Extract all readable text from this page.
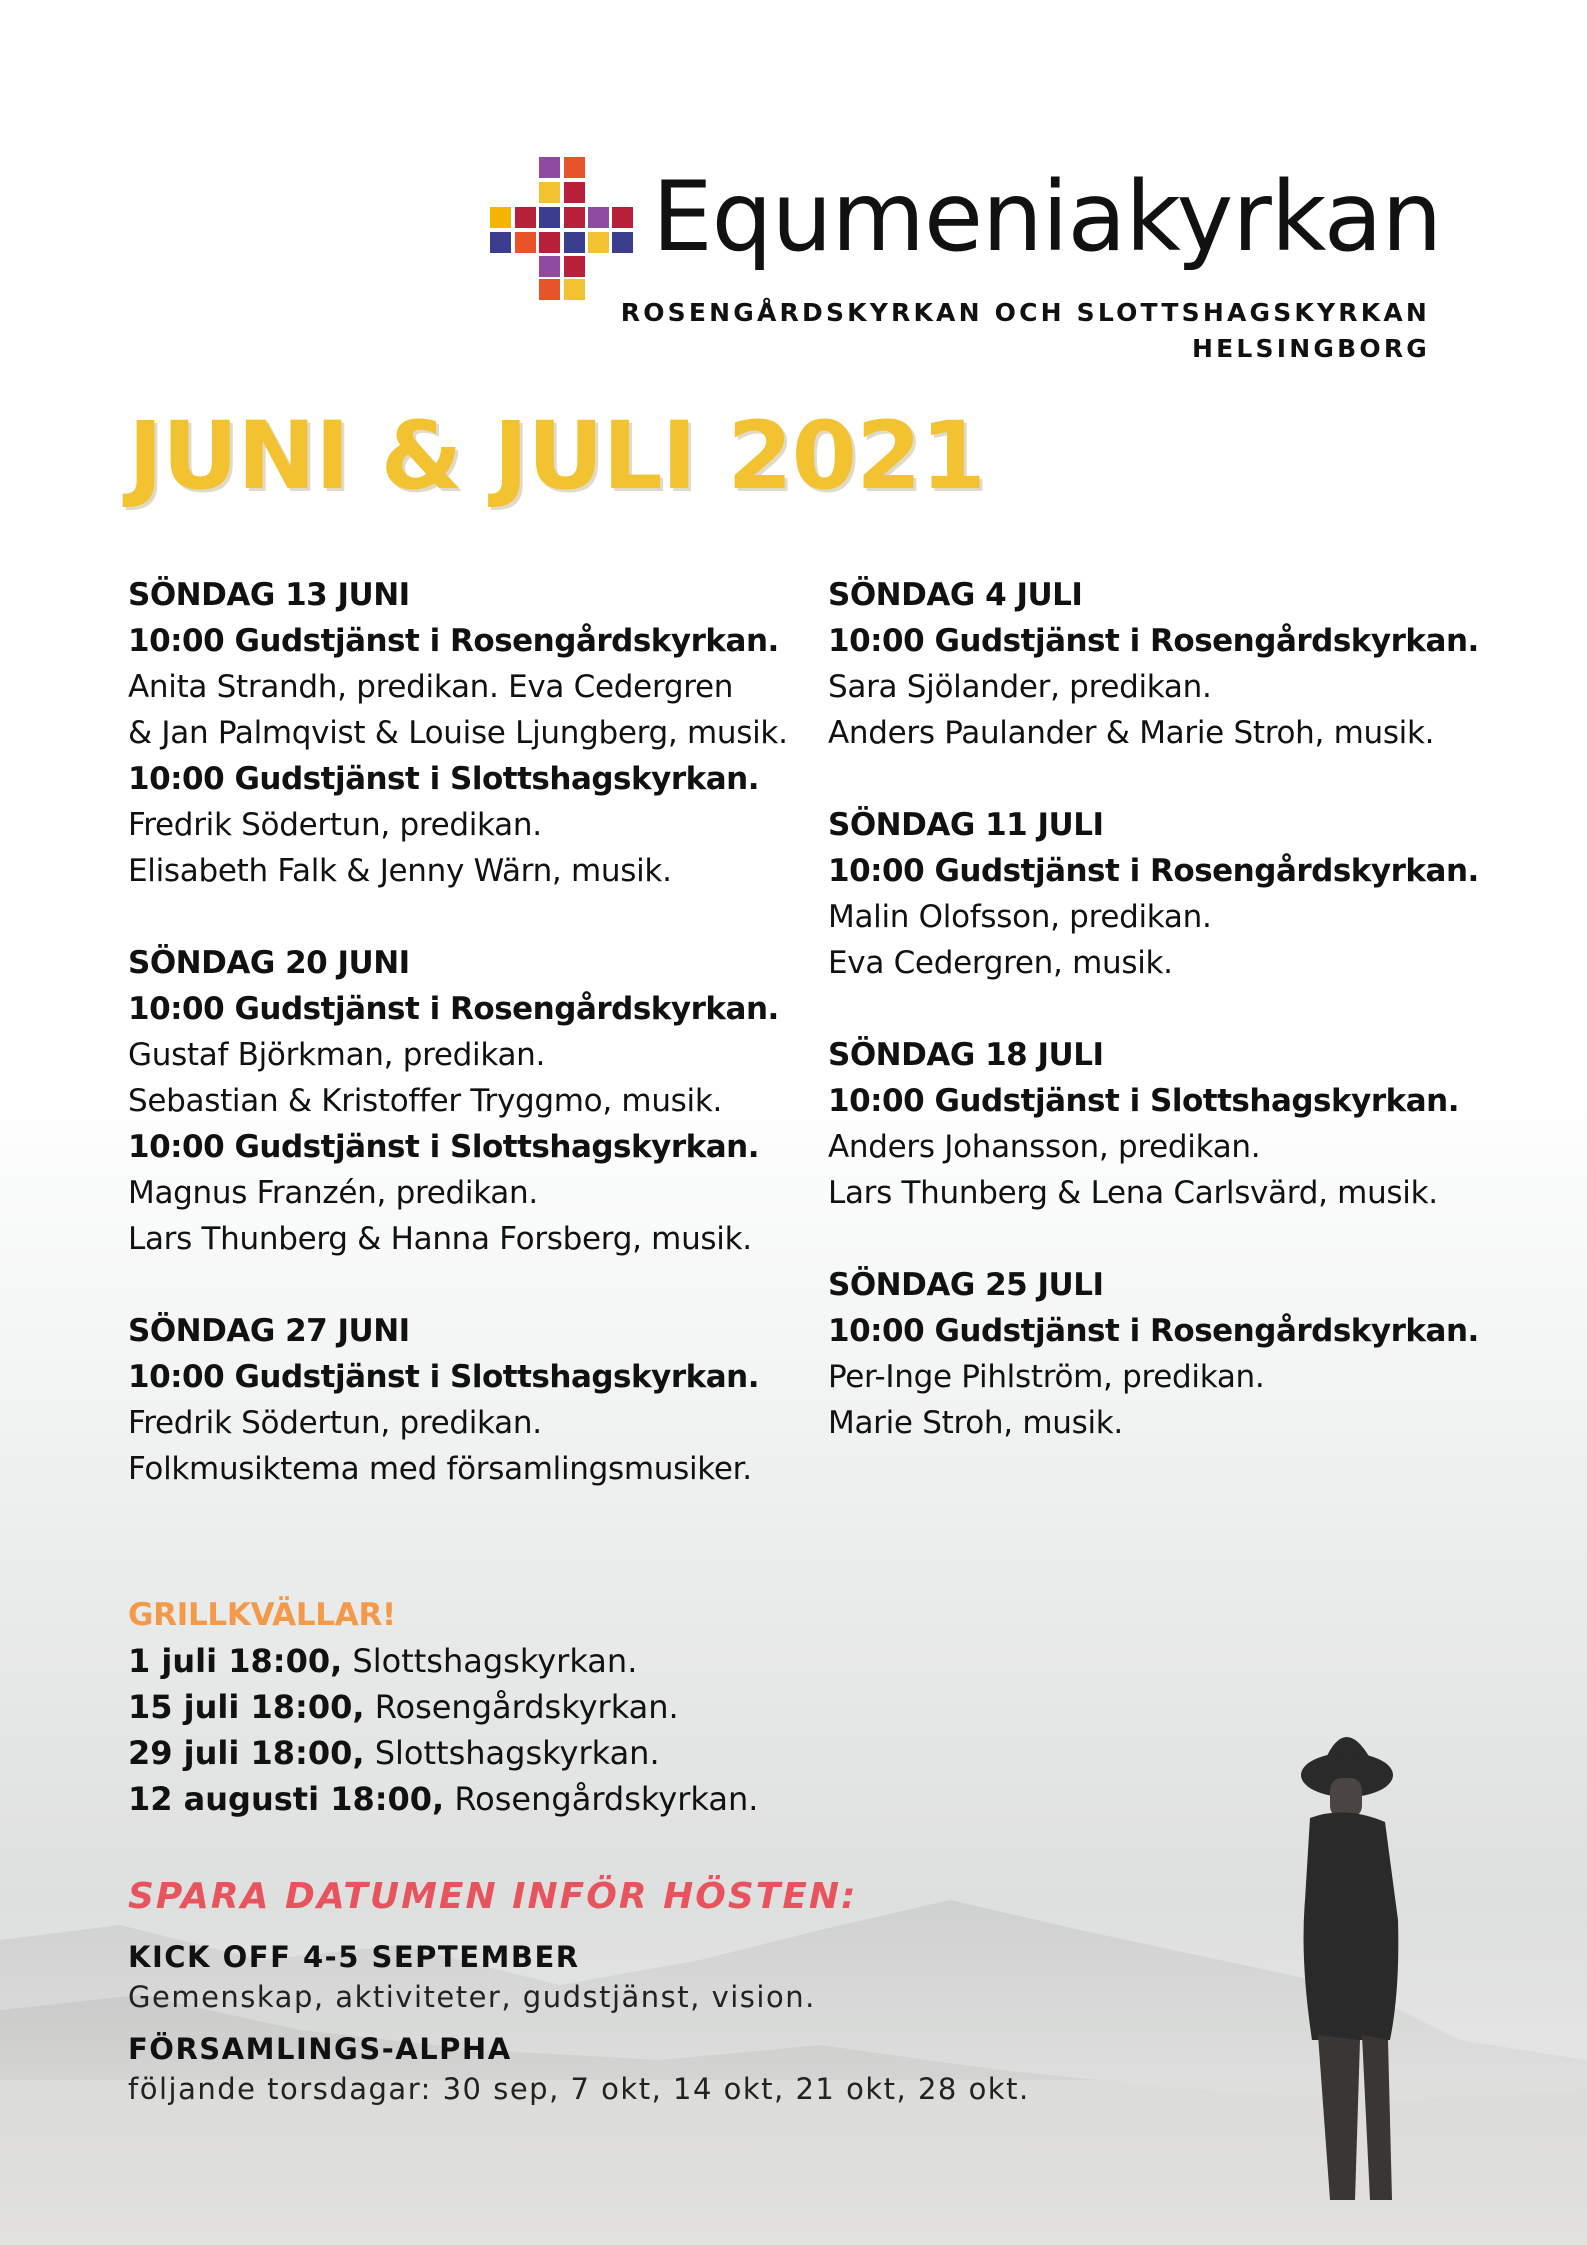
Equmeniakyrkan
ROSENGÅRDSKYRKAN OCH SLOTTSHAGSKYRKAN
HELSINGBORG
JUNI & JULI 2021
SÖNDAG 13 JUNI
10:00 Gudstjänst i Rosengårdskyrkan.
Anita Strandh, predikan. Eva Cedergren
& Jan Palmqvist & Louise Ljungberg, musik.
10:00 Gudstjänst i Slottshagskyrkan.
Fredrik Södertun, predikan.
Elisabeth Falk & Jenny Wärn, musik.
SÖNDAG 20 JUNI
10:00 Gudstjänst i Rosengårdskyrkan.
Gustaf Björkman, predikan.
Sebastian & Kristoffer Tryggmo, musik.
10:00 Gudstjänst i Slottshagskyrkan.
Magnus Franzén, predikan.
Lars Thunberg & Hanna Forsberg, musik.
SÖNDAG 27 JUNI
10:00 Gudstjänst i Slottshagskyrkan.
Fredrik Södertun, predikan.
Folkmusiktema med församlingsmusiker.
SÖNDAG 4 JULI
10:00 Gudstjänst i Rosengårdskyrkan.
Sara Sjölander, predikan.
Anders Paulander & Marie Stroh, musik.
SÖNDAG 11 JULI
10:00 Gudstjänst i Rosengårdskyrkan.
Malin Olofsson, predikan.
Eva Cedergren, musik.
SÖNDAG 18 JULI
10:00 Gudstjänst i Slottshagskyrkan.
Anders Johansson, predikan.
Lars Thunberg & Lena Carlsvärd, musik.
SÖNDAG 25 JULI
10:00 Gudstjänst i Rosengårdskyrkan.
Per-Inge Pihlström, predikan.
Marie Stroh, musik.
GRILLKVÄLLAR!
1 juli 18:00, Slottshagskyrkan.
15 juli 18:00, Rosengårdskyrkan.
29 juli 18:00, Slottshagskyrkan.
12 augusti 18:00, Rosengårdskyrkan.
SPARA DATUMEN INFÖR HÖSTEN:
KICK OFF 4-5 SEPTEMBER
Gemenskap, aktiviteter, gudstjänst, vision.
FÖRSAMLINGS-ALPHA
följande torsdagar: 30 sep, 7 okt, 14 okt, 21 okt, 28 okt.
